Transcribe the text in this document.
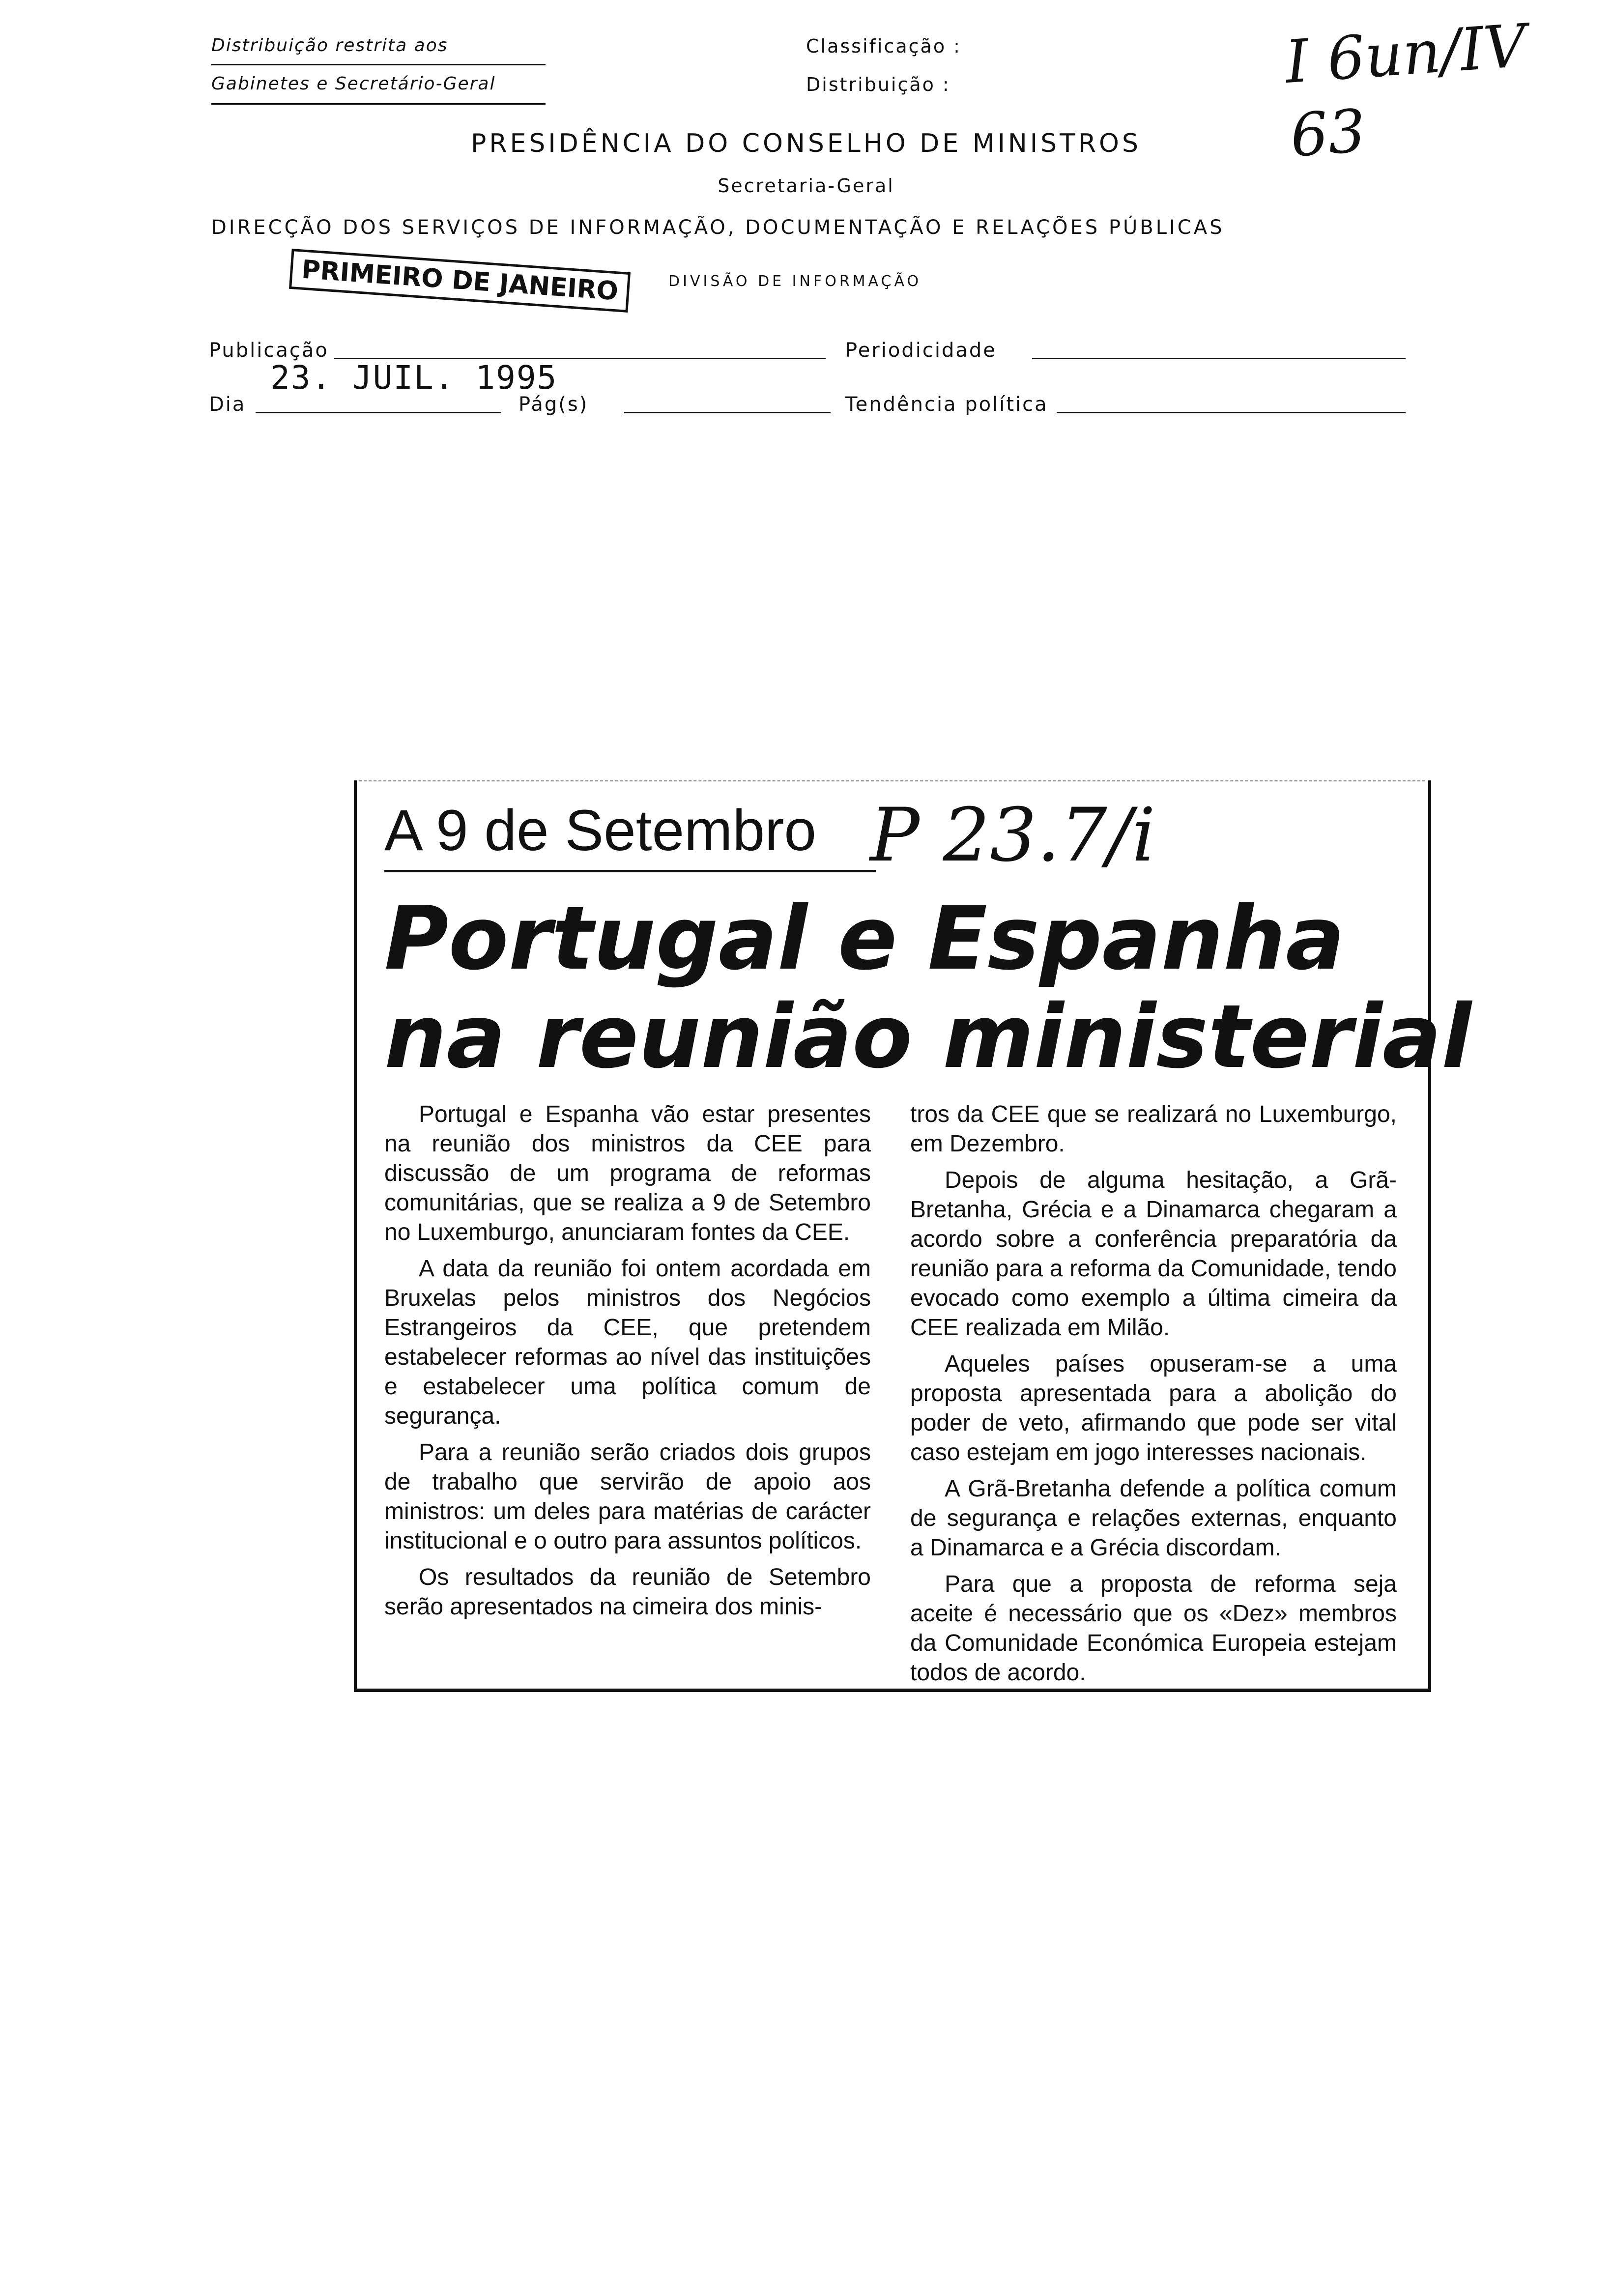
Distribuição restrita aos
Gabinetes e Secretário-Geral
Classificação :
Distribuição :	I 6un/IV 63
PRESIDÊNCIA DO CONSELHO DE MINISTROS
Secretaria-Geral
DIRECÇÃO DOS SERVIÇOS DE INFORMAÇÃO, DOCUMENTAÇÃO E RELAÇÕES PÚBLICAS
DIVISÃO DE INFORMAÇÃO
PRIMEIRO DE JANEIRO
Publicação	Periodicidade
Dia
23. JUIL. 1995
Pág(s)	Tendência política
A 9 de Setembro P 23.7/i
Portugal e Espanha
na reunião ministerial

Portugal e Espanha vão estar presentes na reunião dos ministros da CEE para discussão de um programa de reformas comunitárias, que se realiza a 9 de Setembro no Luxemburgo, anunciaram fontes da CEE.

A data da reunião foi ontem acordada em Bruxelas pelos ministros dos Negócios Estrangeiros da CEE, que pretendem estabelecer reformas ao nível das instituições e estabelecer uma política comum de segurança.

Para a reunião serão criados dois grupos de trabalho que servirão de apoio aos ministros: um deles para matérias de carácter institucional e o outro para assuntos políticos.

Os resultados da reunião de Setembro serão apresentados na cimeira dos minis-

tros da CEE que se realizará no Luxemburgo, em Dezembro.

Depois de alguma hesitação, a Grã-Bretanha, Grécia e a Dinamarca chegaram a acordo sobre a conferência preparatória da reunião para a reforma da Comunidade, tendo evocado como exemplo a última cimeira da CEE realizada em Milão.

Aqueles países opuseram-se a uma proposta apresentada para a abolição do poder de veto, afirmando que pode ser vital caso estejam em jogo interesses nacionais.

A Grã-Bretanha defende a política comum de segurança e relações externas, enquanto a Dinamarca e a Grécia discordam.

Para que a proposta de reforma seja aceite é necessário que os «Dez» membros da Comunidade Económica Europeia estejam todos de acordo.
